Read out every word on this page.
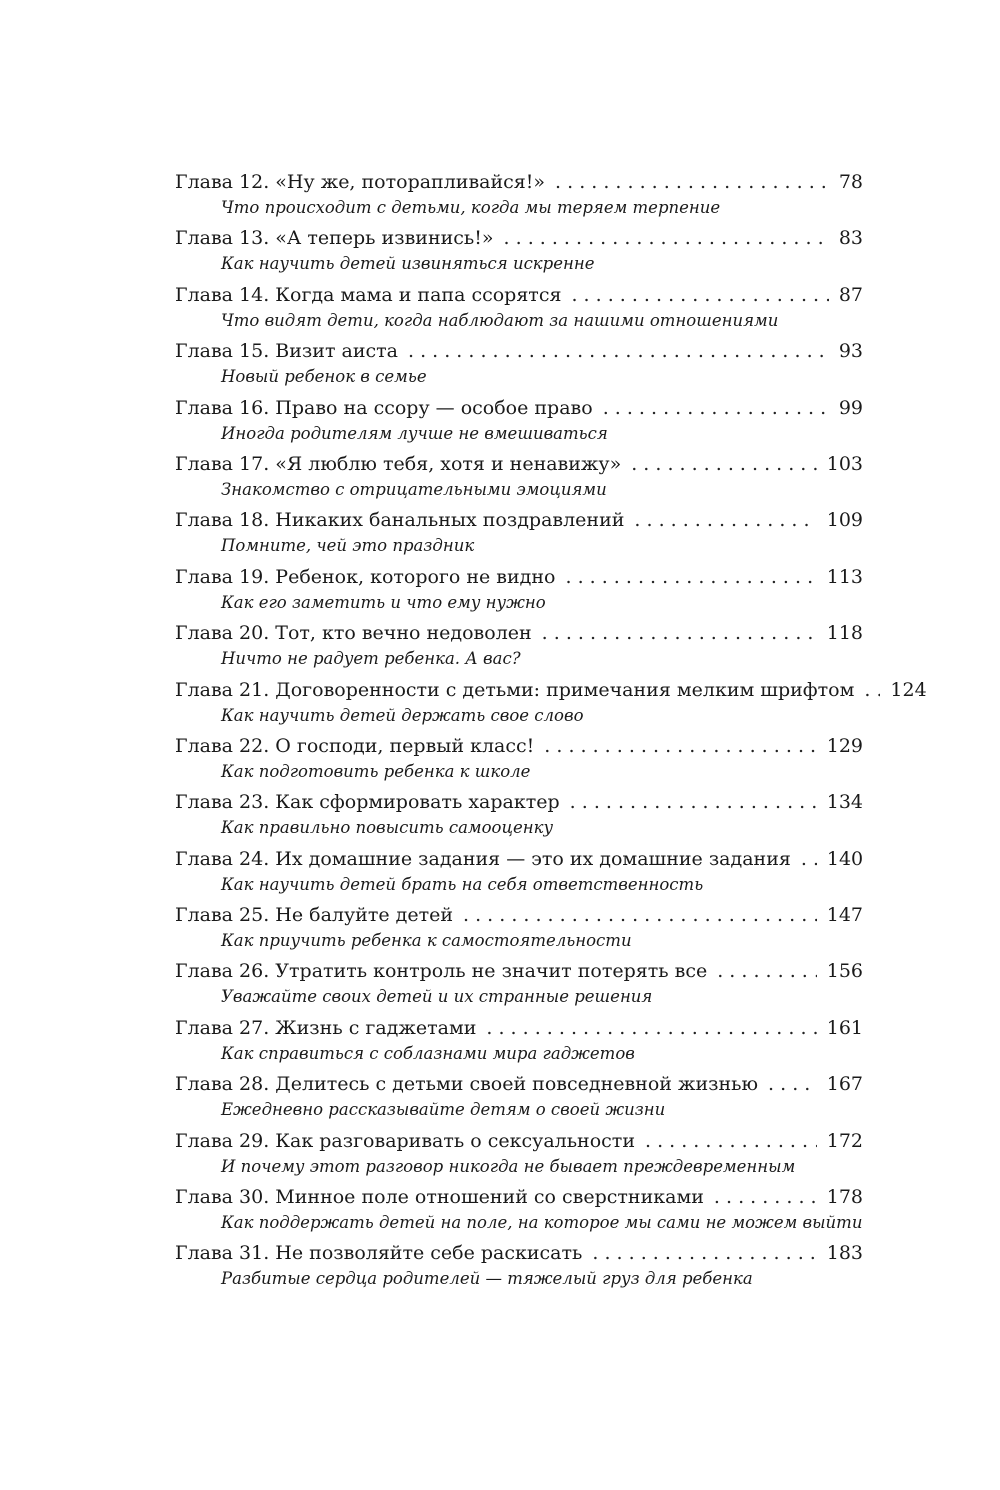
Глава 12. «Ну же, поторапливайся!» . . .	78
Что происходит с детьми, когда мы теряем терпение
Глава 13. «А теперь извинись!» . . .	83
Как научить детей извиняться искренне
Глава 14. Когда мама и папа ссорятся . . .	87
Что видят дети, когда наблюдают за нашими отношениями
Глава 15. Визит аиста . . .	93
Новый ребенок в семье
Глава 16. Право на ссору — особое право . . .	99
Иногда родителям лучше не вмешиваться
Глава 17. «Я люблю тебя, хотя и ненавижу» . . .	103
Знакомство с отрицательными эмоциями
Глава 18. Никаких банальных поздравлений . . .	109
Помните, чей это праздник
Глава 19. Ребенок, которого не видно . . .	113
Как его заметить и что ему нужно
Глава 20. Тот, кто вечно недоволен . . .	118
Ничто не радует ребенка. А вас?
Глава 21. Договоренности с детьми: примечания мелким шрифтом . . . 124
Как научить детей держать свое слово
Глава 22. О господи, первый класс! . . .	129
Как подготовить ребенка к школе
Глава 23. Как сформировать характер . . .	134
Как правильно повысить самооценку
Глава 24. Их домашние задания — это их домашние задания . . . 140
Как научить детей брать на себя ответственность
Глава 25. Не балуйте детей . . .	147
Как приучить ребенка к самостоятельности
Глава 26. Утратить контроль не значит потерять все . . .	156
Уважайте своих детей и их странные решения
Глава 27. Жизнь с гаджетами . . .	161
Как справиться с соблазнами мира гаджетов
Глава 28. Делитесь с детьми своей повседневной жизнью . . .	167
Ежедневно рассказывайте детям о своей жизни
Глава 29. Как разговаривать о сексуальности . . .	172
И почему этот разговор никогда не бывает преждевременным
Глава 30. Минное поле отношений со сверстниками . . .	178
Как поддержать детей на поле, на которое мы сами не можем выйти
Глава 31. Не позволяйте себе раскисать . . .	183
Разбитые сердца родителей — тяжелый груз для ребенка
